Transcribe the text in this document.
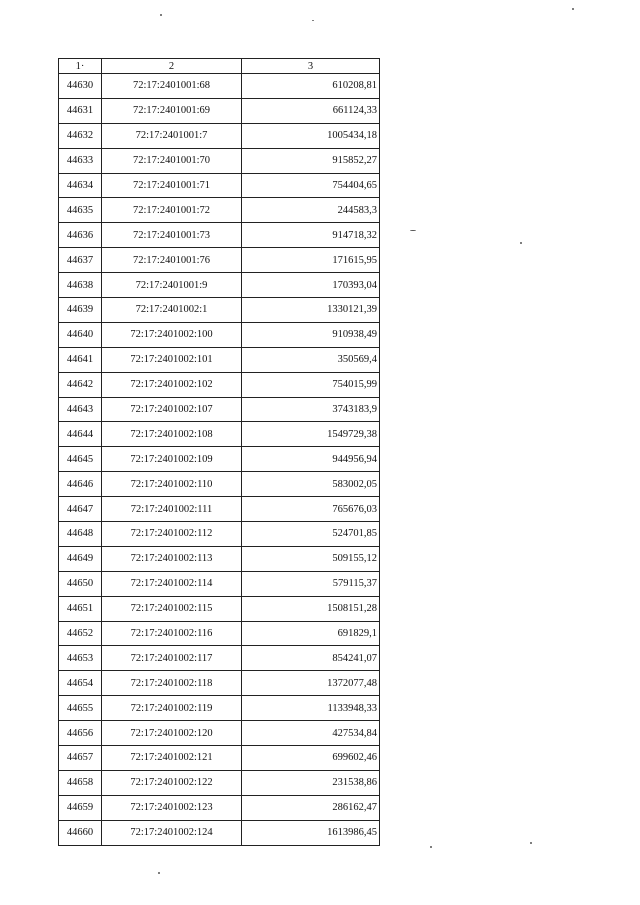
1·	2	3
44630	72:17:2401001:68	610208,81
44631	72:17:2401001:69	661124,33
44632	72:17:2401001:7	1005434,18
44633	72:17:2401001:70	915852,27
44634	72:17:2401001:71	754404,65
44635	72:17:2401001:72	244583,3
44636	72:17:2401001:73	914718,32
44637	72:17:2401001:76	171615,95
44638	72:17:2401001:9	170393,04
44639	72:17:2401002:1	1330121,39
44640	72:17:2401002:100	910938,49
44641	72:17:2401002:101	350569,4
44642	72:17:2401002:102	754015,99
44643	72:17:2401002:107	3743183,9
44644	72:17:2401002:108	1549729,38
44645	72:17:2401002:109	944956,94
44646	72:17:2401002:110	583002,05
44647	72:17:2401002:111	765676,03
44648	72:17:2401002:112	524701,85
44649	72:17:2401002:113	509155,12
44650	72:17:2401002:114	579115,37
44651	72:17:2401002:115	1508151,28
44652	72:17:2401002:116	691829,1
44653	72:17:2401002:117	854241,07
44654	72:17:2401002:118	1372077,48
44655	72:17:2401002:119	1133948,33
44656	72:17:2401002:120	427534,84
44657	72:17:2401002:121	699602,46
44658	72:17:2401002:122	231538,86
44659	72:17:2401002:123	286162,47
44660	72:17:2401002:124	1613986,45
